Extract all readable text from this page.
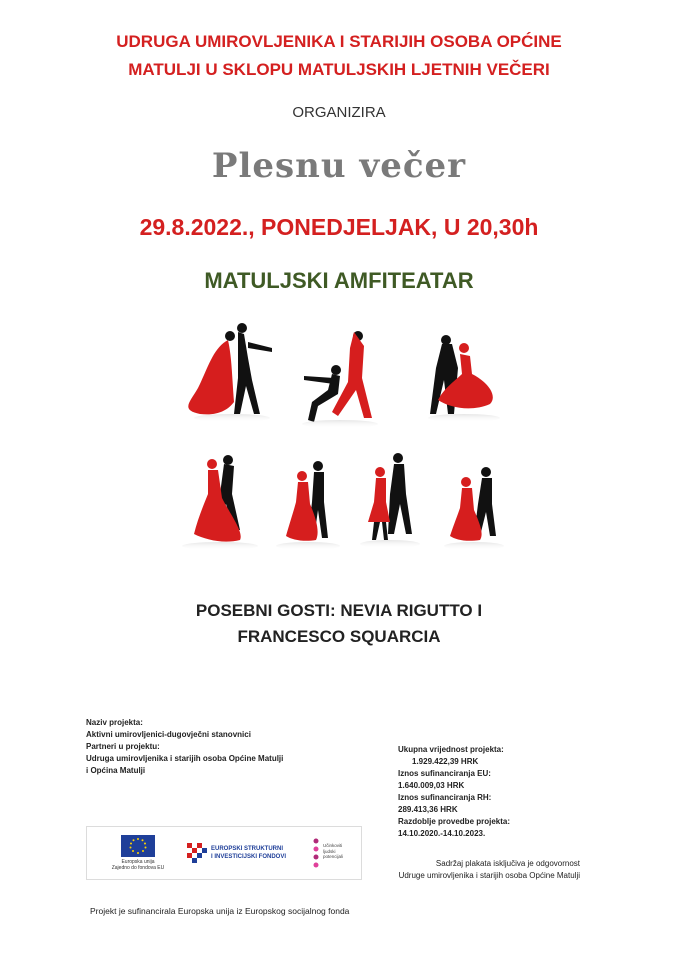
UDRUGA UMIROVLJENIKA I STARIJIH OSOBA OPĆINE
MATULJI U SKLOPU MATULJSKIH LJETNIH VEČERI
ORGANIZIRA
Plesnu večer
29.8.2022., PONEDJELJAK, U 20,30h
MATULJSKI AMFITEATAR
POSEBNI GOSTI: NEVIA RIGUTTO I
FRANCESCO SQUARCIA
Naziv projekta:
Aktivni umirovljenici-dugovječni stanovnici
Partneri u projektu:
Udruga umirovljenika i starijih osoba Općine Matulji
i Općina Matulji
Ukupna vrijednost projekta:
1.929.422,39 HRK
Iznos sufinanciranja EU:
1.640.009,03 HRK
Iznos sufinanciranja RH:
289.413,36 HRK
Razdoblje provedbe projekta:
14.10.2020.-14.10.2023.
Europska unija
Zajedno do fondova EU
EUROPSKI STRUKTURNI
I INVESTICIJSKI FONDOVI
Učinkoviti
ljudski
potencijali
Sadržaj plakata isključiva je odgovornost
Udruge umirovljenika i starijih osoba Općine Matulji
Projekt je sufinancirala Europska unija iz Europskog socijalnog fonda
